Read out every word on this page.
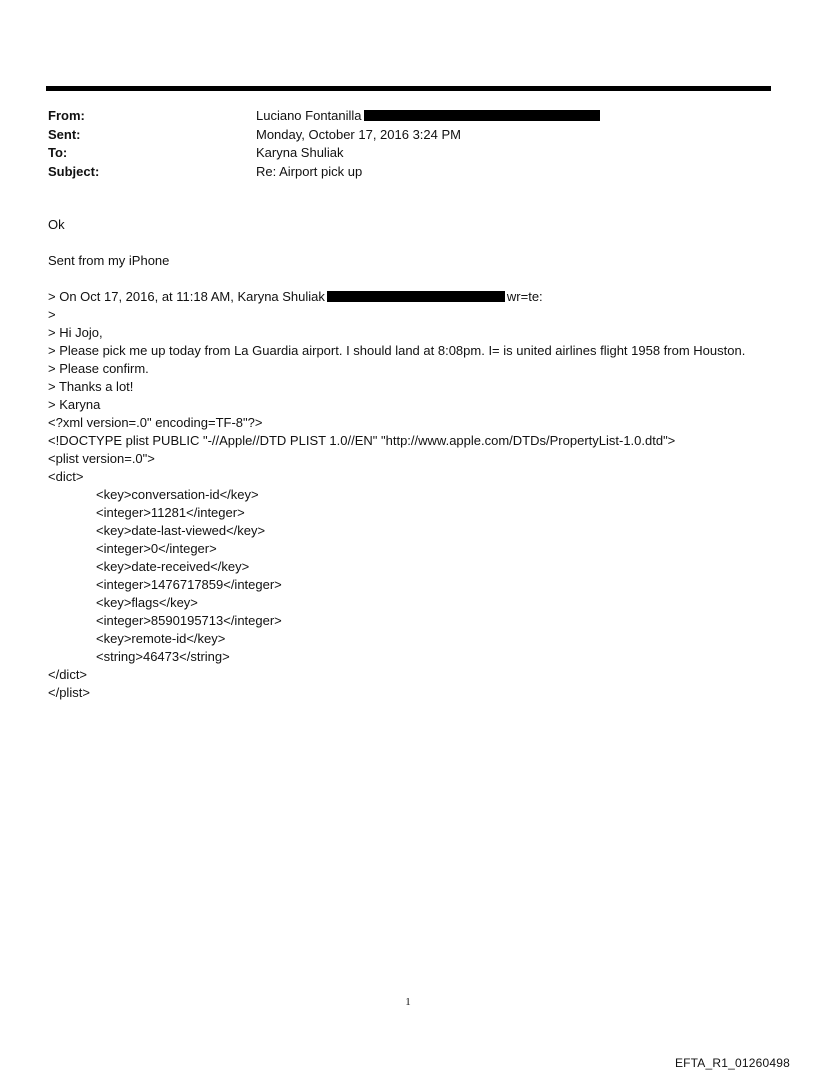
From:	Luciano Fontanilla
Sent:	Monday, October 17, 2016 3:24 PM
To:	Karyna Shuliak
Subject:	Re: Airport pick up
Ok
Sent from my iPhone
> On Oct 17, 2016, at 11:18 AM, Karyna Shuliak	wr=te:
>
> Hi Jojo,
> Please pick me up today from La Guardia airport. I should land at 8:08pm. I= is united airlines flight 1958 from Houston.
> Please confirm.
> Thanks a lot!
> Karyna
<?xml version=.0" encoding=TF-8"?>
<!DOCTYPE plist PUBLIC "-//Apple//DTD PLIST 1.0//EN" "http://www.apple.com/DTDs/PropertyList-1.0.dtd">
<plist version=.0">
<dict>
<key>conversation-id</key>
<integer>11281</integer>
<key>date-last-viewed</key>
<integer>0</integer>
<key>date-received</key>
<integer>1476717859</integer>
<key>flags</key>
<integer>8590195713</integer>
<key>remote-id</key>
<string>46473</string>
</dict>
</plist>
1
EFTA_R1_01260498
